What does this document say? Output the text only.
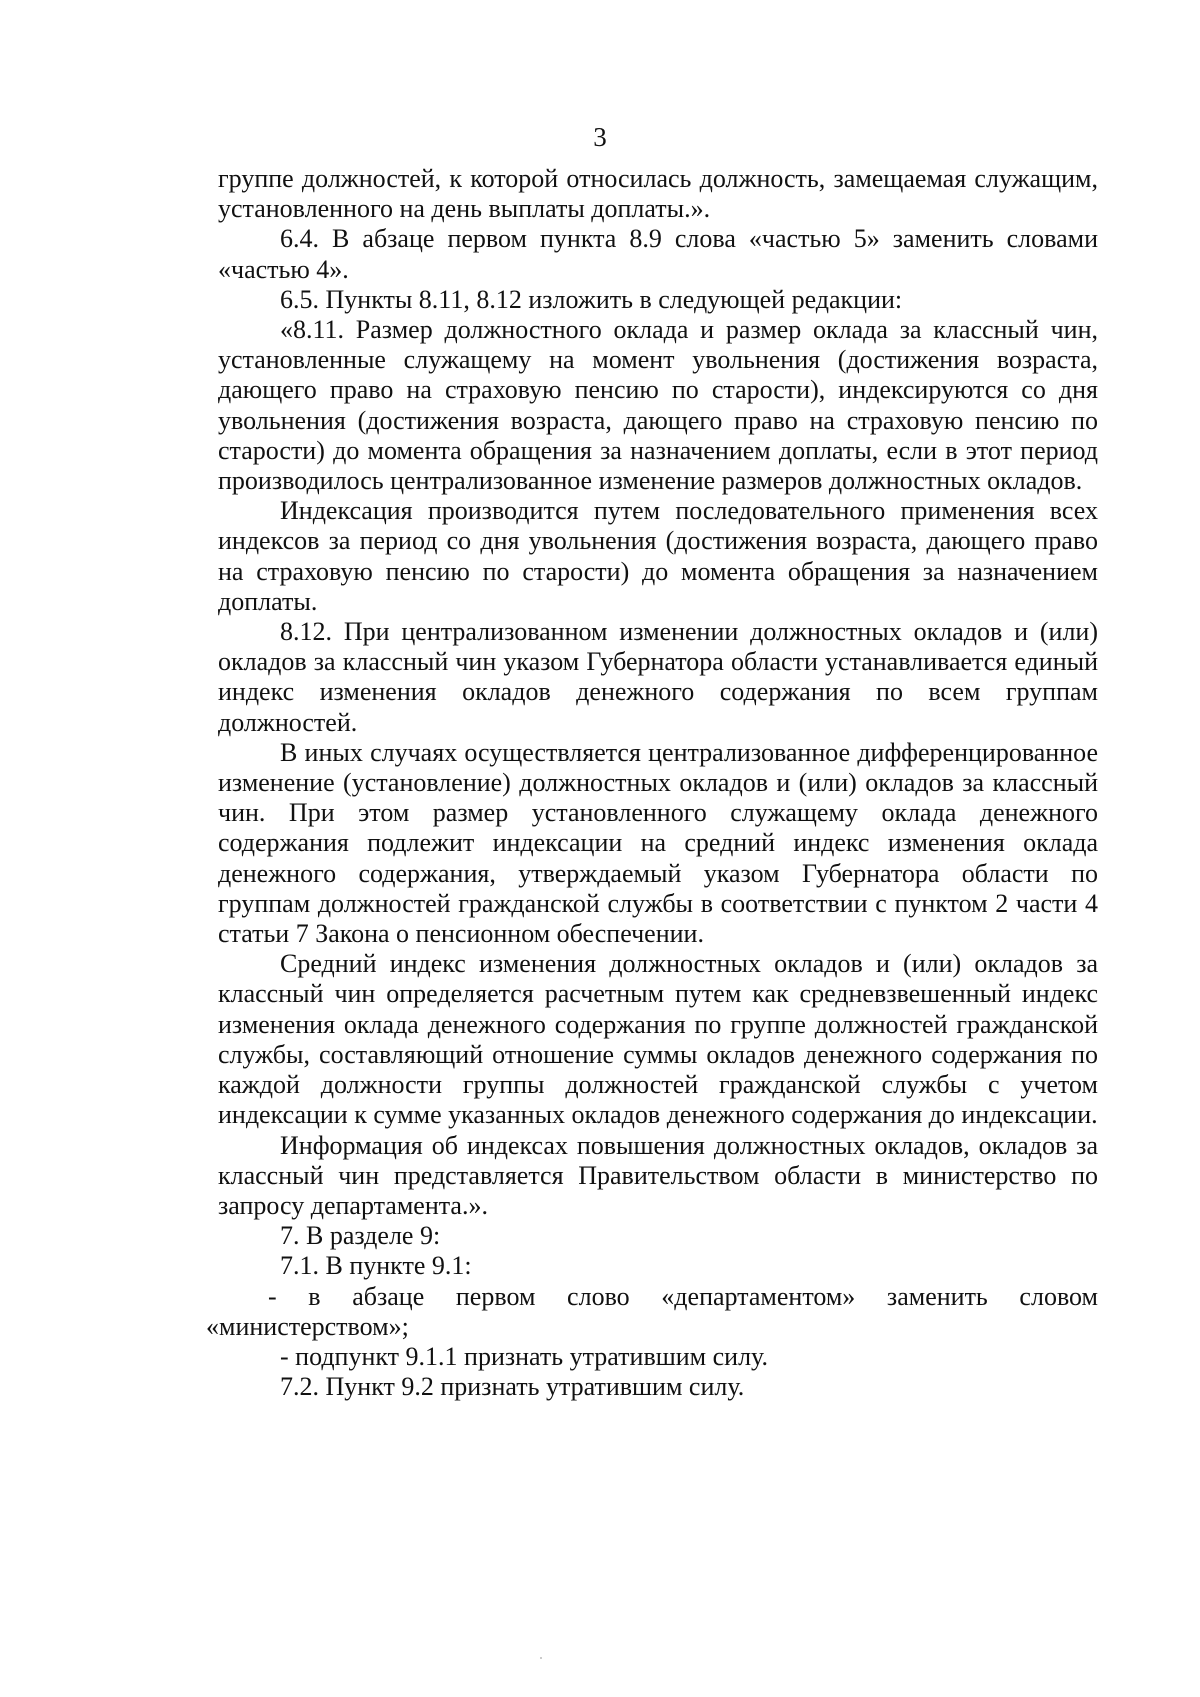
3

группе должностей, к которой относилась должность, замещаемая служащим, установленного на день выплаты доплаты.».

6.4. В абзаце первом пункта 8.9 слова «частью 5» заменить словами «частью 4».

6.5. Пункты 8.11, 8.12 изложить в следующей редакции:

«8.11. Размер должностного оклада и размер оклада за классный чин, установленные служащему на момент увольнения (достижения возраста, дающего право на страховую пенсию по старости), индексируются со дня увольнения (достижения возраста, дающего право на страховую пенсию по старости) до момента обращения за назначением доплаты, если в этот период производилось централизованное изменение размеров должностных окладов.

Индексация производится путем последовательного применения всех индексов за период со дня увольнения (достижения возраста, дающего право на страховую пенсию по старости) до момента обращения за назначением доплаты.

8.12. При централизованном изменении должностных окладов и (или) окладов за классный чин указом Губернатора области устанавливается единый индекс изменения окладов денежного содержания по всем группам должностей.

В иных случаях осуществляется централизованное дифференцированное изменение (установление) должностных окладов и (или) окладов за классный чин. При этом размер установленного служащему оклада денежного содержания подлежит индексации на средний индекс изменения оклада денежного содержания, утверждаемый указом Губернатора области по группам должностей гражданской службы в соответствии с пунктом 2 части 4 статьи 7 Закона о пенсионном обеспечении.

Средний индекс изменения должностных окладов и (или) окладов за классный чин определяется расчетным путем как средневзвешенный индекс изменения оклада денежного содержания по группе должностей гражданской службы, составляющий отношение суммы окладов денежного содержания по каждой должности группы должностей гражданской службы с учетом индексации к сумме указанных окладов денежного содержания до индексации.

Информация об индексах повышения должностных окладов, окладов за классный чин представляется Правительством области в министерство по запросу департамента.».

7. В разделе 9:

7.1. В пункте 9.1:

- в абзаце первом слово «департаментом» заменить словом «министерством»;

- подпункт 9.1.1 признать утратившим силу.

7.2. Пункт 9.2 признать утратившим силу.
